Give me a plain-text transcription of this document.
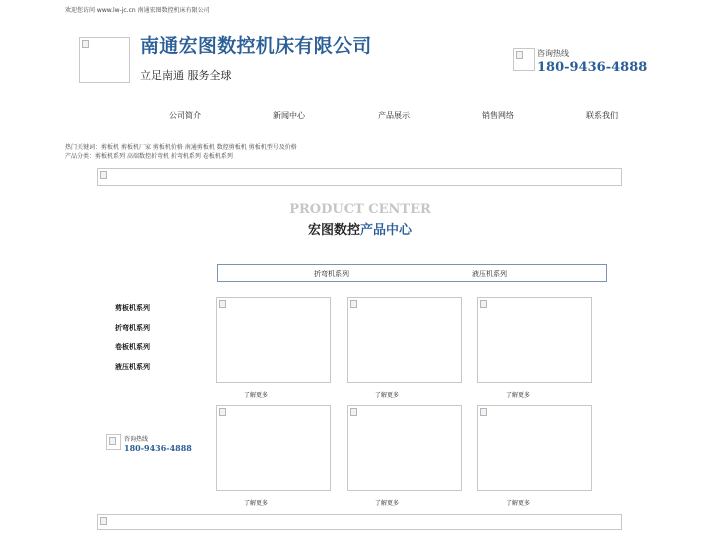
欢迎您访问 www.lw-jc.cn 南通宏图数控机床有限公司
南通宏图数控机床有限公司
立足南通 服务全球
咨询热线
180-9436-4888
公司简介	新闻中心	产品展示	销售网络	联系我们
热门关键词：剪板机 剪板机厂家 剪板机价格 南通剪板机 数控剪板机 剪板机型号及价格
产品分类：剪板机系列 高端数控折弯机 折弯机系列 卷板机系列
PRODUCT CENTER
宏图数控产品中心
折弯机系列	液压机系列
剪板机系列
折弯机系列
卷板机系列
液压机系列
咨询热线
180-9436-4888
了解更多	了解更多	了解更多
了解更多	了解更多	了解更多
